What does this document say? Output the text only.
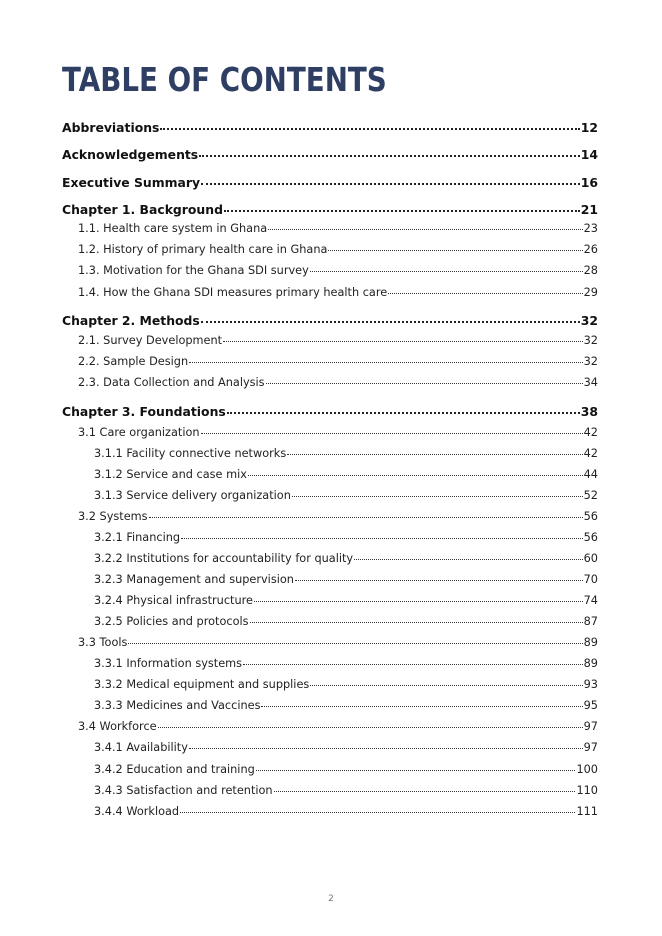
TABLE OF CONTENTS
Abbreviations	12
Acknowledgements	14
Executive Summary	16
Chapter 1. Background	21
1.1. Health care system in Ghana	23
1.2. History of primary health care in Ghana	26
1.3. Motivation for the Ghana SDI survey	28
1.4. How the Ghana SDI measures primary health care	29
Chapter 2. Methods	32
2.1. Survey Development	32
2.2. Sample Design	32
2.3. Data Collection and Analysis	34
Chapter 3. Foundations	38
3.1 Care organization	42
3.1.1 Facility connective networks	42
3.1.2 Service and case mix	44
3.1.3 Service delivery organization	52
3.2 Systems	56
3.2.1 Financing	56
3.2.2 Institutions for accountability for quality	60
3.2.3 Management and supervision	70
3.2.4 Physical infrastructure	74
3.2.5 Policies and protocols	87
3.3 Tools	89
3.3.1 Information systems	89
3.3.2 Medical equipment and supplies	93
3.3.3 Medicines and Vaccines	95
3.4 Workforce	97
3.4.1 Availability	97
3.4.2 Education and training	100
3.4.3 Satisfaction and retention	110
3.4.4 Workload	111
2
